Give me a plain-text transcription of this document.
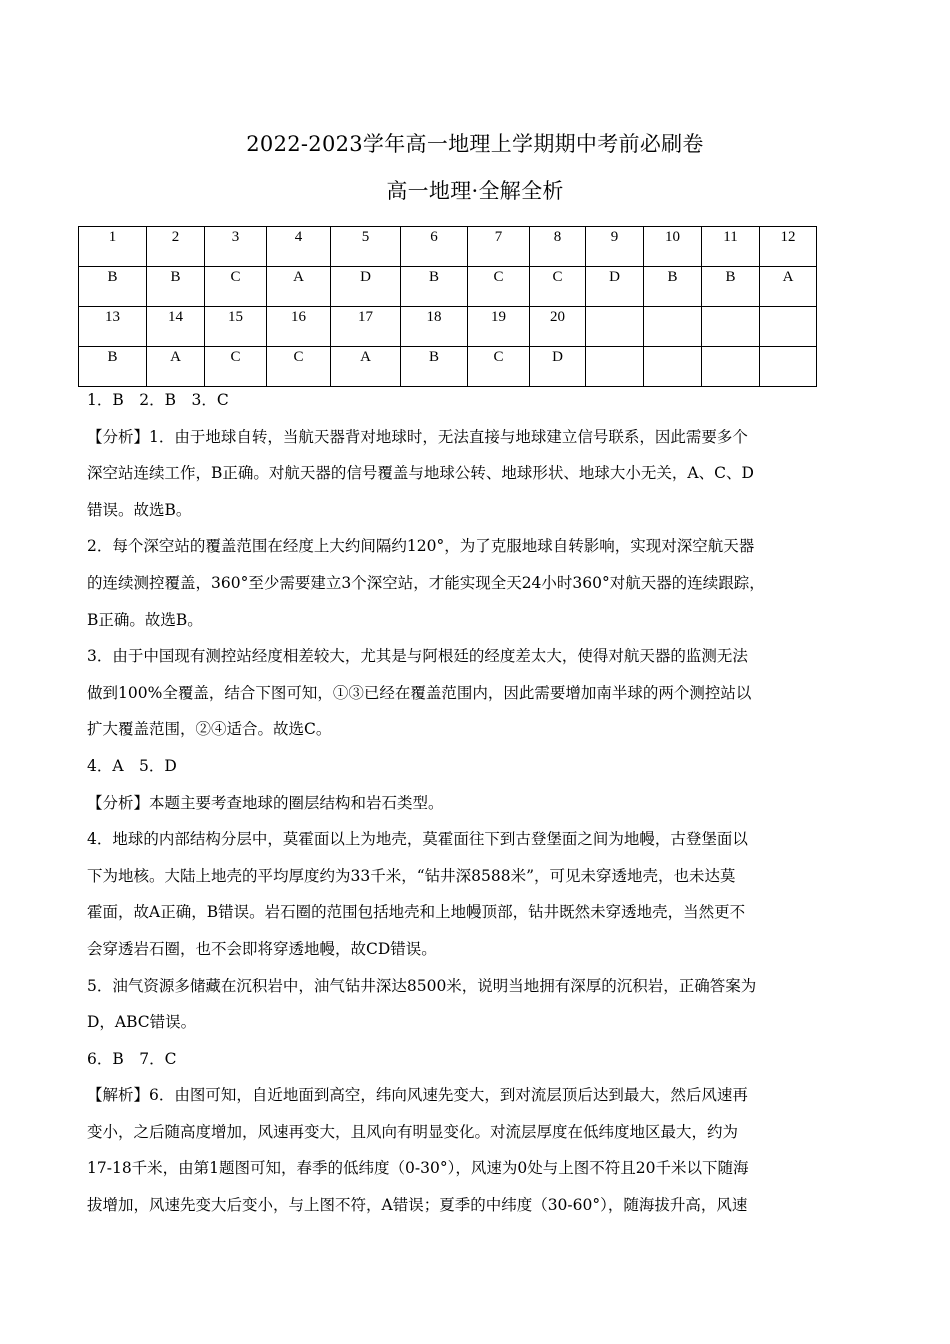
2022-2023学年高一地理上学期期中考前必刷卷
高一地理·全解全析
1	2	3	4	5	6	7	8	9	10	11	12
B	B	C	A	D	B	C	C	D	B	B	A
13	14	15	16	17	18	19	20				
B	A	C	C	A	B	C	D				

1．B　2．B　3．C

【分析】1．由于地球自转，当航天器背对地球时，无法直接与地球建立信号联系，因此需要多个

深空站连续工作，B正确。对航天器的信号覆盖与地球公转、地球形状、地球大小无关，A、C、D

错误。故选B。

2．每个深空站的覆盖范围在经度上大约间隔约120°，为了克服地球自转影响，实现对深空航天器

的连续测控覆盖，360°至少需要建立3个深空站，才能实现全天24小时360°对航天器的连续跟踪，

B正确。故选B。

3．由于中国现有测控站经度相差较大，尤其是与阿根廷的经度差太大，使得对航天器的监测无法

做到100%全覆盖，结合下图可知，①③已经在覆盖范围内，因此需要增加南半球的两个测控站以

扩大覆盖范围，②④适合。故选C。

4．A　5．D

【分析】本题主要考查地球的圈层结构和岩石类型。

4．地球的内部结构分层中，莫霍面以上为地壳，莫霍面往下到古登堡面之间为地幔，古登堡面以

下为地核。大陆上地壳的平均厚度约为33千米，“钻井深8588米”，可见未穿透地壳，也未达莫

霍面，故A正确，B错误。岩石圈的范围包括地壳和上地幔顶部，钻井既然未穿透地壳，当然更不

会穿透岩石圈，也不会即将穿透地幔，故CD错误。

5．油气资源多储藏在沉积岩中，油气钻井深达8500米，说明当地拥有深厚的沉积岩，正确答案为

D，ABC错误。

6．B　7．C

【解析】6．由图可知，自近地面到高空，纬向风速先变大，到对流层顶后达到最大，然后风速再

变小，之后随高度增加，风速再变大，且风向有明显变化。对流层厚度在低纬度地区最大，约为

17-18千米，由第1题图可知，春季的低纬度（0-30°），风速为0处与上图不符且20千米以下随海

拔增加，风速先变大后变小，与上图不符，A错误；夏季的中纬度（30-60°），随海拔升高，风速
